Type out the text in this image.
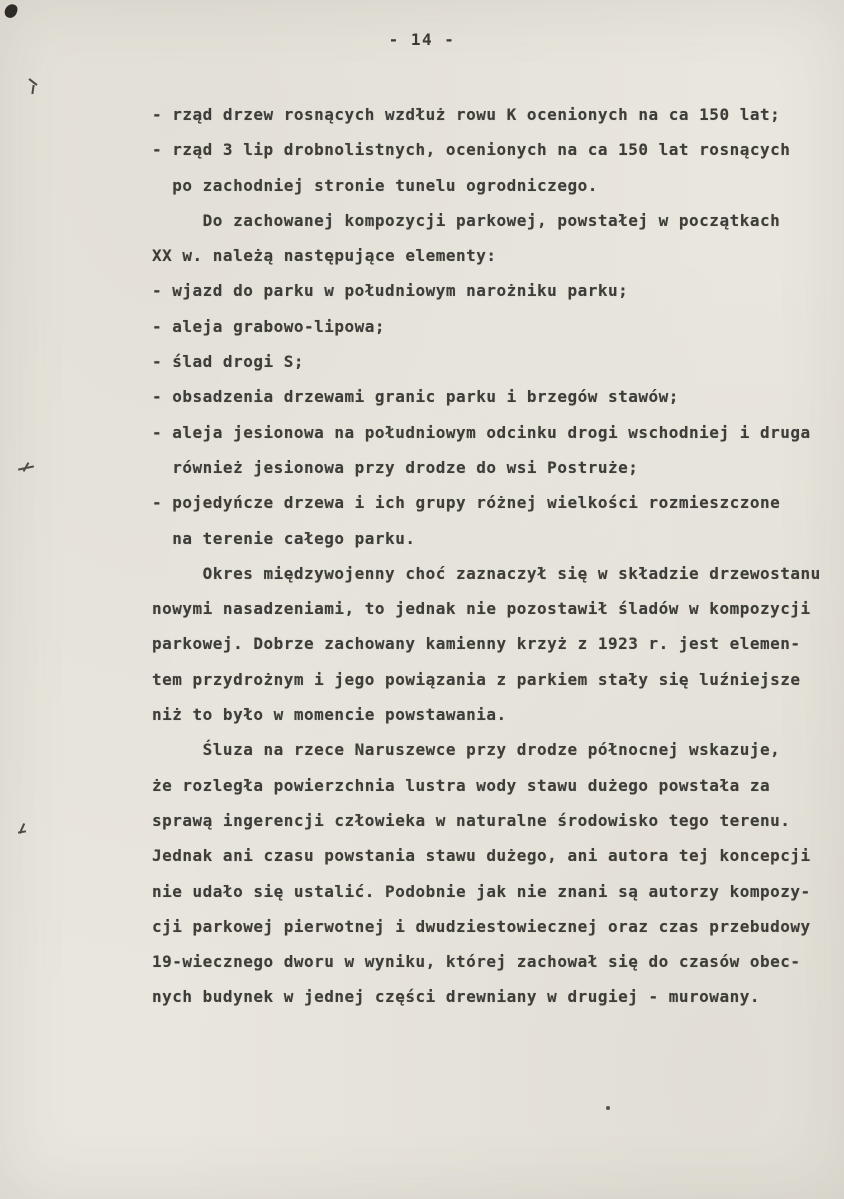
- 14 -
- rząd drzew rosnących wzdłuż rowu K ocenionych na ca 150 lat;
- rząd 3 lip drobnolistnych, ocenionych na ca 150 lat rosnących
po zachodniej stronie tunelu ogrodniczego.
Do zachowanej kompozycji parkowej, powstałej w początkach
XX w. należą następujące elementy:
- wjazd do parku w południowym narożniku parku;
- aleja grabowo-lipowa;
- ślad drogi S;
- obsadzenia drzewami granic parku i brzegów stawów;
- aleja jesionowa na południowym odcinku drogi wschodniej i druga
również jesionowa przy drodze do wsi Postruże;
- pojedyńcze drzewa i ich grupy różnej wielkości rozmieszczone
na terenie całego parku.
Okres międzywojenny choć zaznaczył się w składzie drzewostanu
nowymi nasadzeniami, to jednak nie pozostawił śladów w kompozycji
parkowej. Dobrze zachowany kamienny krzyż z 1923 r. jest elemen-
tem przydrożnym i jego powiązania z parkiem stały się luźniejsze
niż to było w momencie powstawania.
Śluza na rzece Naruszewce przy drodze północnej wskazuje,
że rozległa powierzchnia lustra wody stawu dużego powstała za
sprawą ingerencji człowieka w naturalne środowisko tego terenu.
Jednak ani czasu powstania stawu dużego, ani autora tej koncepcji
nie udało się ustalić. Podobnie jak nie znani są autorzy kompozy-
cji parkowej pierwotnej i dwudziestowiecznej oraz czas przebudowy
19-wiecznego dworu w wyniku, której zachował się do czasów obec-
nych budynek w jednej części drewniany w drugiej - murowany.
